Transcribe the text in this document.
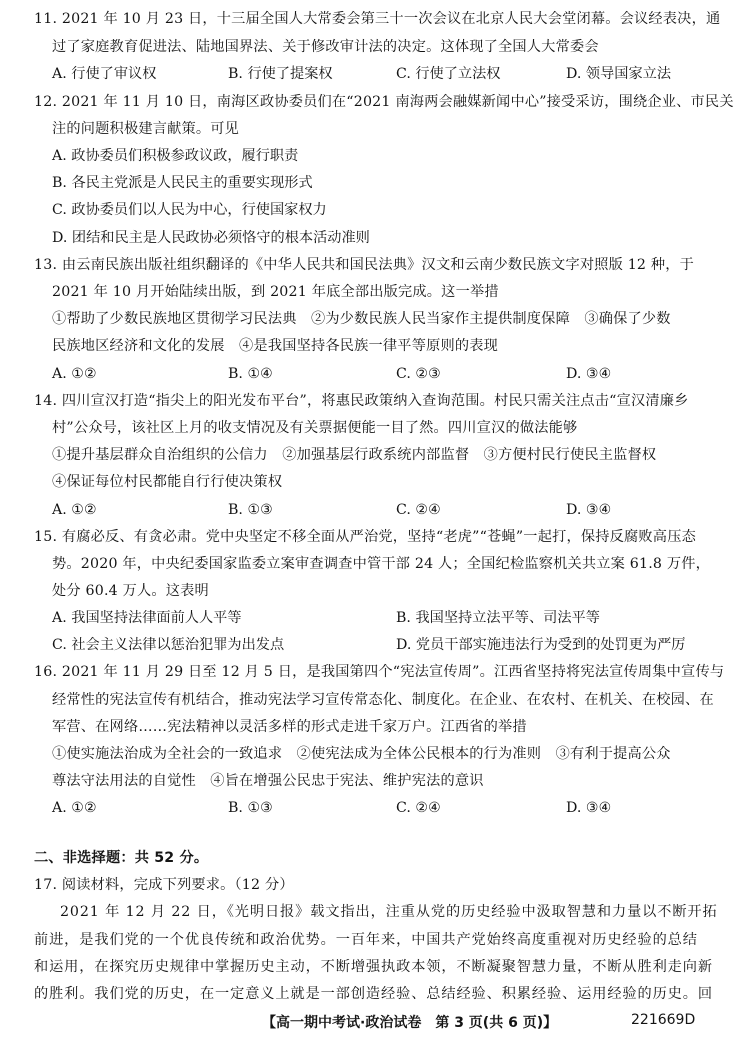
11. 2021 年 10 月 23 日，十三届全国人大常委会第三十一次会议在北京人民大会堂闭幕。会议经表决，通
过了家庭教育促进法、陆地国界法、关于修改审计法的决定。这体现了全国人大常委会
A. 行使了审议权	B. 行使了提案权	C. 行使了立法权	D. 领导国家立法
12. 2021 年 11 月 10 日，南海区政协委员们在“2021 南海两会融媒新闻中心”接受采访，围绕企业、市民关
注的问题积极建言献策。可见
A. 政协委员们积极参政议政，履行职责
B. 各民主党派是人民民主的重要实现形式
C. 政协委员们以人民为中心，行使国家权力
D. 团结和民主是人民政协必须恪守的根本活动准则
13. 由云南民族出版社组织翻译的《中华人民共和国民法典》汉文和云南少数民族文字对照版 12 种，于
2021 年 10 月开始陆续出版，到 2021 年底全部出版完成。这一举措
①帮助了少数民族地区贯彻学习民法典　②为少数民族人民当家作主提供制度保障　③确保了少数
民族地区经济和文化的发展　④是我国坚持各民族一律平等原则的表现
A. ①②	B. ①④	C. ②③	D. ③④
14. 四川宣汉打造“指尖上的阳光发布平台”，将惠民政策纳入查询范围。村民只需关注点击“宣汉清廉乡
村”公众号，该社区上月的收支情况及有关票据便能一目了然。四川宣汉的做法能够
①提升基层群众自治组织的公信力　②加强基层行政系统内部监督　③方便村民行使民主监督权
④保证每位村民都能自行行使决策权
A. ①②	B. ①③	C. ②④	D. ③④
15. 有腐必反、有贪必肃。党中央坚定不移全面从严治党，坚持“老虎”“苍蝇”一起打，保持反腐败高压态
势。2020 年，中央纪委国家监委立案审查调查中管干部 24 人；全国纪检监察机关共立案 61.8 万件，
处分 60.4 万人。这表明
A. 我国坚持法律面前人人平等	B. 我国坚持立法平等、司法平等
C. 社会主义法律以惩治犯罪为出发点	D. 党员干部实施违法行为受到的处罚更为严厉
16. 2021 年 11 月 29 日至 12 月 5 日，是我国第四个“宪法宣传周”。江西省坚持将宪法宣传周集中宣传与
经常性的宪法宣传有机结合，推动宪法学习宣传常态化、制度化。在企业、在农村、在机关、在校园、在
军营、在网络……宪法精神以灵活多样的形式走进千家万户。江西省的举措
①使实施法治成为全社会的一致追求　②使宪法成为全体公民根本的行为准则　③有利于提高公众
尊法守法用法的自觉性　④旨在增强公民忠于宪法、维护宪法的意识
A. ①②	B. ①③	C. ②④	D. ③④
二、非选择题：共 52 分。
17. 阅读材料，完成下列要求。（12 分）
2021 年 12 月 22 日，《光明日报》载文指出，注重从党的历史经验中汲取智慧和力量以不断开拓
前进，是我们党的一个优良传统和政治优势。一百年来，中国共产党始终高度重视对历史经验的总结
和运用，在探究历史规律中掌握历史主动，不断增强执政本领，不断凝聚智慧力量，不断从胜利走向新
的胜利。我们党的历史，在一定意义上就是一部创造经验、总结经验、积累经验、运用经验的历史。回
【高一期中考试·政治试卷　第 3 页(共 6 页)】	221669D
